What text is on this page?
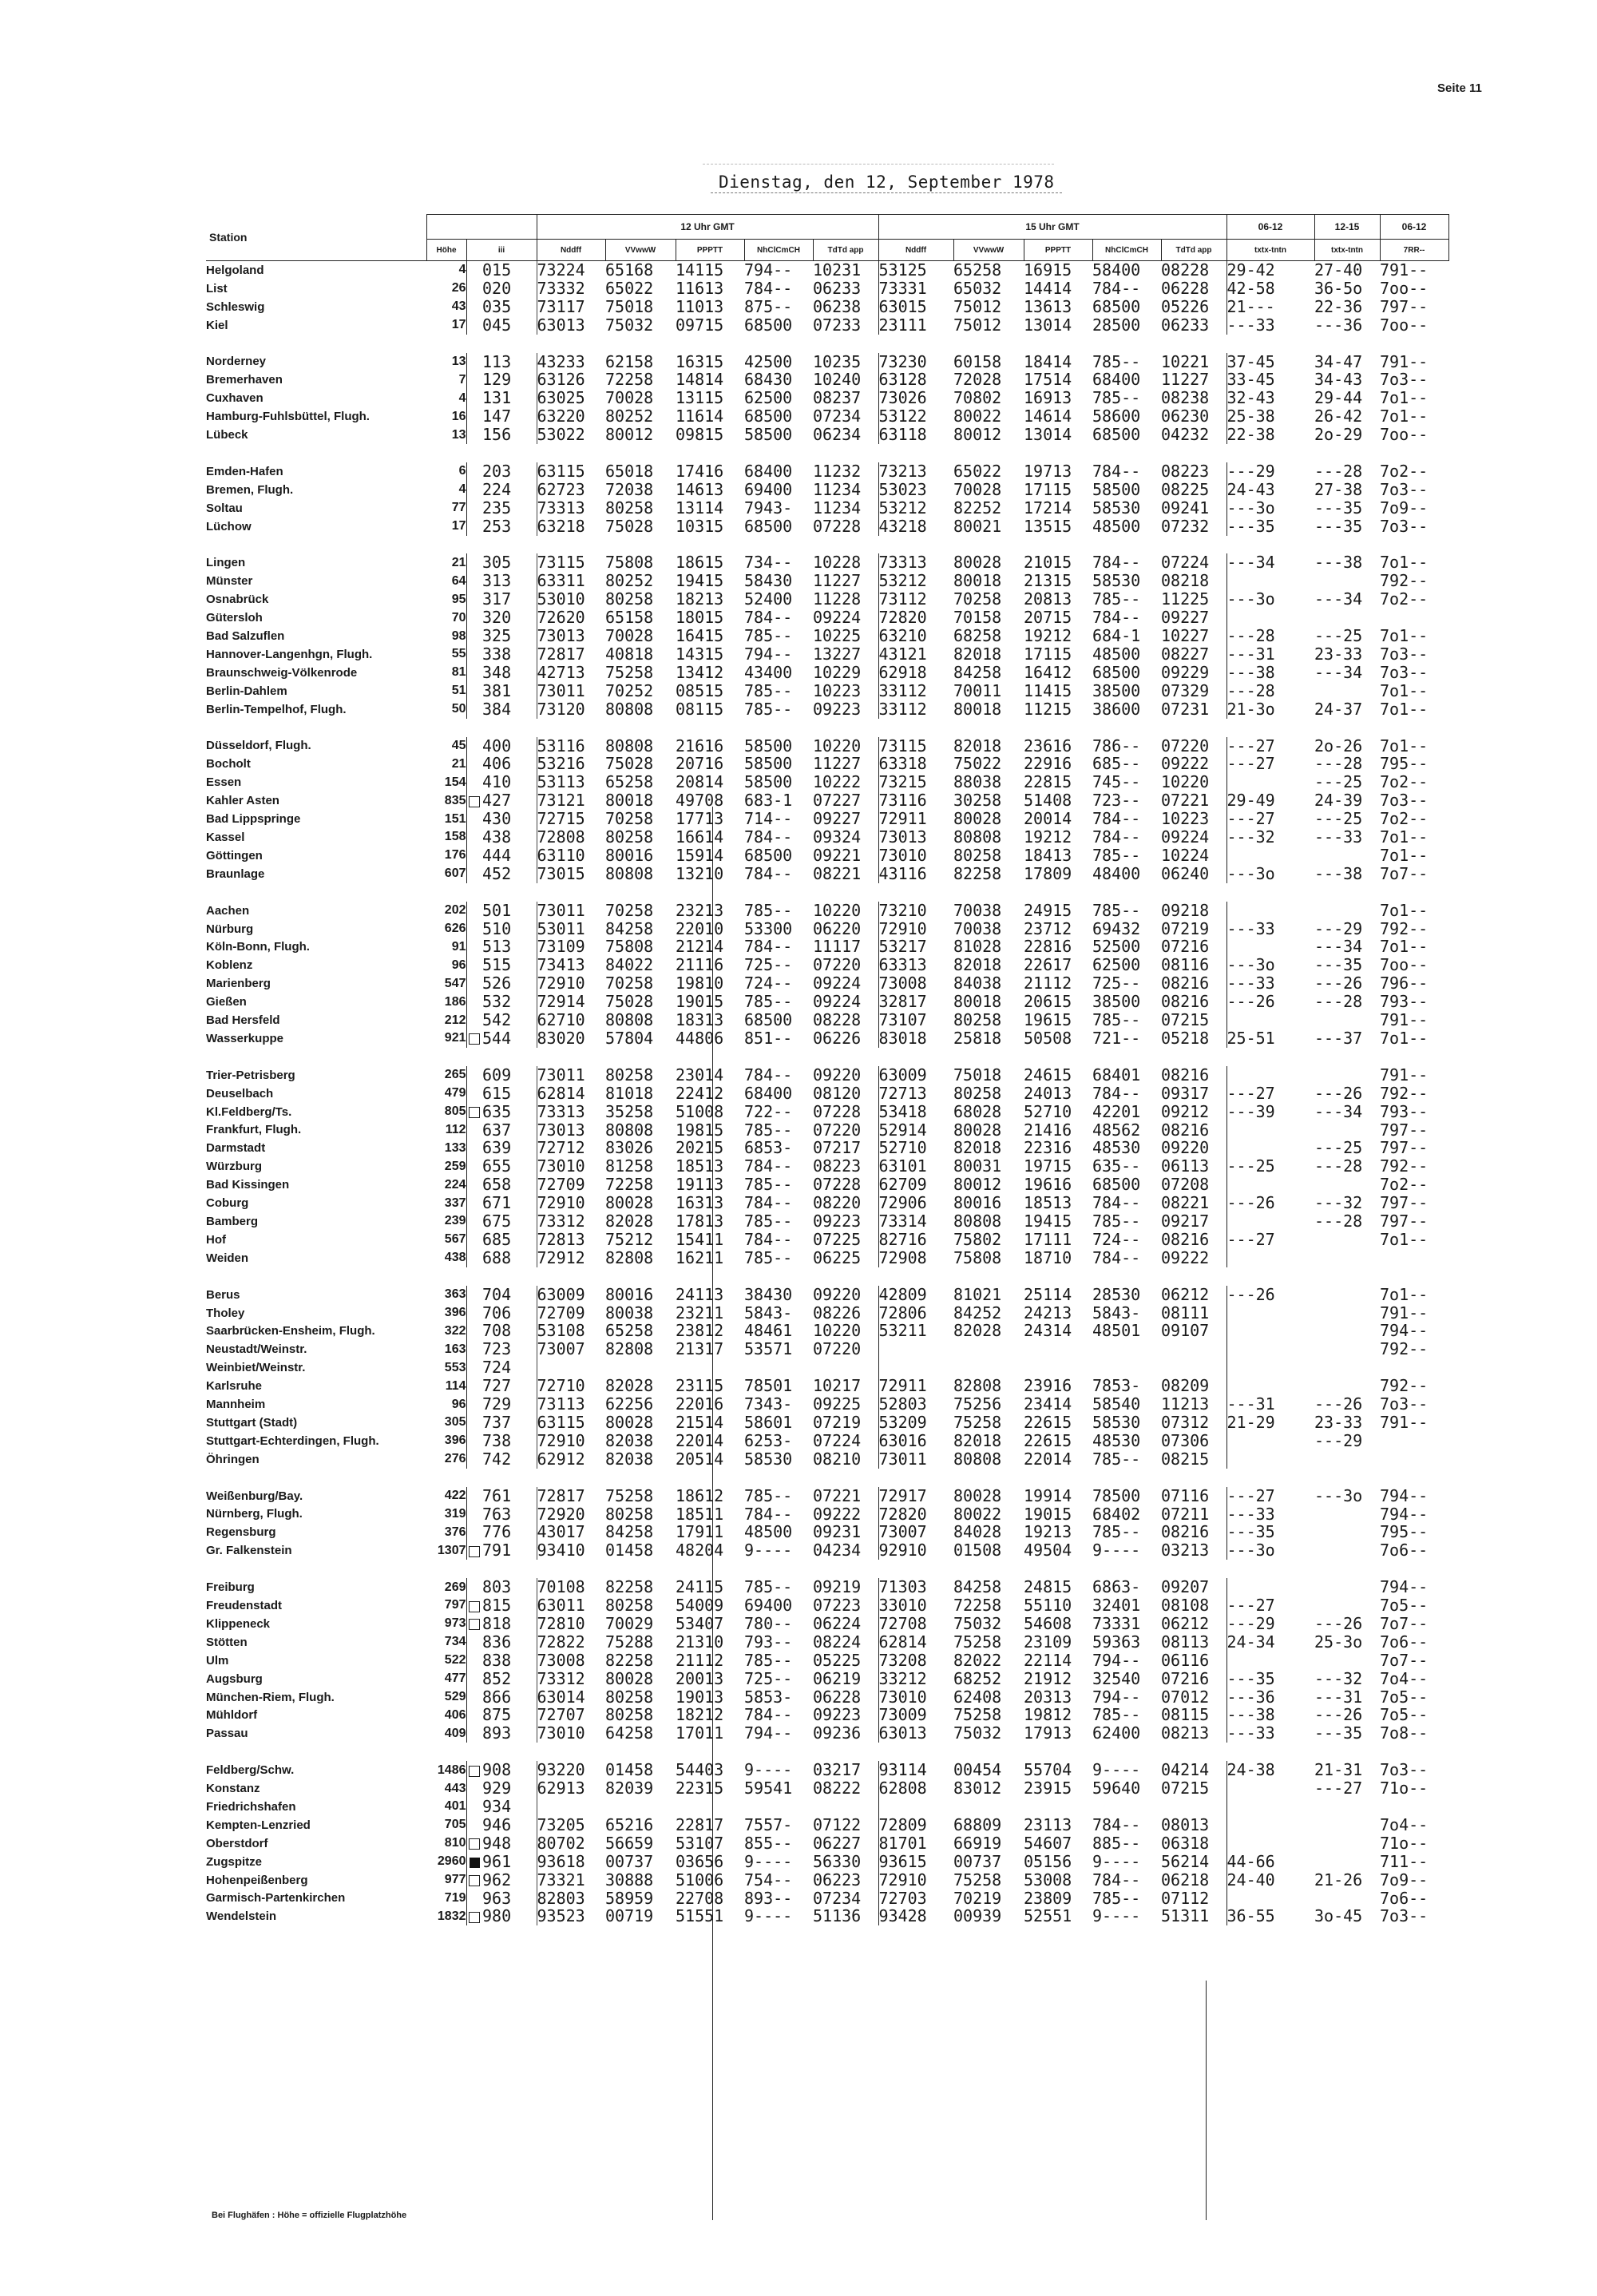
Seite 11
Dienstag, den 12, September 1978
Station				12 Uhr GMT					15 Uhr GMT					06-12	12-15	06-12
	Höhe	iii		Nddff	VVwwW	PPPTT	NhClCmCH	TdTd app	Nddff	VVwwW	PPPTT	NhClCmCH	TdTd app	txtx-tntn	txtx-tntn	7RR--
Helgoland	4		015	73224	65168	14115	794--	10231	53125	65258	16915	58400	08228	29-42	27-40	791--
List	26		020	73332	65022	11613	784--	06233	73331	65032	14414	784--	06228	42-58	36-5o	7oo--
Schleswig	43		035	73117	75018	11013	875--	06238	63015	75012	13613	68500	05226	21---	22-36	797--
Kiel	17		045	63013	75032	09715	68500	07233	23111	75012	13014	28500	06233	---33	---36	7oo--

Norderney	13		113	43233	62158	16315	42500	10235	73230	60158	18414	785--	10221	37-45	34-47	791--
Bremerhaven	7		129	63126	72258	14814	68430	10240	63128	72028	17514	68400	11227	33-45	34-43	7o3--
Cuxhaven	4		131	63025	70028	13115	62500	08237	73026	70802	16913	785--	08238	32-43	29-44	7o1--
Hamburg-Fuhlsbüttel, Flugh.	16		147	63220	80252	11614	68500	07234	53122	80022	14614	58600	06230	25-38	26-42	7o1--
Lübeck	13		156	53022	80012	09815	58500	06234	63118	80012	13014	68500	04232	22-38	2o-29	7oo--

Emden-Hafen	6		203	63115	65018	17416	68400	11232	73213	65022	19713	784--	08223	---29	---28	7o2--
Bremen, Flugh.	4		224	62723	72038	14613	69400	11234	53023	70028	17115	58500	08225	24-43	27-38	7o3--
Soltau	77		235	73313	80258	13114	7943-	11234	53212	82252	17214	58530	09241	---3o	---35	7o9--
Lüchow	17		253	63218	75028	10315	68500	07228	43218	80021	13515	48500	07232	---35	---35	7o3--

Lingen	21		305	73115	75808	18615	734--	10228	73313	80028	21015	784--	07224	---34	---38	7o1--
Münster	64		313	63311	80252	19415	58430	11227	53212	80018	21315	58530	08218			792--
Osnabrück	95		317	53010	80258	18213	52400	11228	73112	70258	20813	785--	11225	---3o	---34	7o2--
Gütersloh	70		320	72620	65158	18015	784--	09224	72820	70158	20715	784--	09227			
Bad Salzuflen	98		325	73013	70028	16415	785--	10225	63210	68258	19212	684-1	10227	---28	---25	7o1--
Hannover-Langenhgn, Flugh.	55		338	72817	40818	14315	794--	13227	43121	82018	17115	48500	08227	---31	23-33	7o3--
Braunschweig-Völkenrode	81		348	42713	75258	13412	43400	10229	62918	84258	16412	68500	09229	---38	---34	7o3--
Berlin-Dahlem	51		381	73011	70252	08515	785--	10223	33112	70011	11415	38500	07329	---28		7o1--
Berlin-Tempelhof, Flugh.	50		384	73120	80808	08115	785--	09223	33112	80018	11215	38600	07231	21-3o	24-37	7o1--

Düsseldorf, Flugh.	45		400	53116	80808	21616	58500	10220	73115	82018	23616	786--	07220	---27	2o-26	7o1--
Bocholt	21		406	53216	75028	20716	58500	11227	63318	75022	22916	685--	09222	---27	---28	795--
Essen	154		410	53113	65258	20814	58500	10222	73215	88038	22815	745--	10220		---25	7o2--
Kahler Asten	835		427	73121	80018	49708	683-1	07227	73116	30258	51408	723--	07221	29-49	24-39	7o3--
Bad Lippspringe	151		430	72715	70258	17713	714--	09227	72911	80028	20014	784--	10223	---27	---25	7o2--
Kassel	158		438	72808	80258	16614	784--	09324	73013	80808	19212	784--	09224	---32	---33	7o1--
Göttingen	176		444	63110	80016	15914	68500	09221	73010	80258	18413	785--	10224			7o1--
Braunlage	607		452	73015	80808	13210	784--	08221	43116	82258	17809	48400	06240	---3o	---38	7o7--

Aachen	202		501	73011	70258	23213	785--	10220	73210	70038	24915	785--	09218			7o1--
Nürburg	626		510	53011	84258	22010	53300	06220	72910	70038	23712	69432	07219	---33	---29	792--
Köln-Bonn, Flugh.	91		513	73109	75808	21214	784--	11117	53217	81028	22816	52500	07216		---34	7o1--
Koblenz	96		515	73413	84022	21116	725--	07220	63313	82018	22617	62500	08116	---3o	---35	7oo--
Marienberg	547		526	72910	70258	19810	724--	09224	73008	84038	21112	725--	08216	---33	---26	796--
Gießen	186		532	72914	75028	19015	785--	09224	32817	80018	20615	38500	08216	---26	---28	793--
Bad Hersfeld	212		542	62710	80808	18313	68500	08228	73107	80258	19615	785--	07215			791--
Wasserkuppe	921		544	83020	57804	44806	851--	06226	83018	25818	50508	721--	05218	25-51	---37	7o1--

Trier-Petrisberg	265		609	73011	80258	23014	784--	09220	63009	75018	24615	68401	08216			791--
Deuselbach	479		615	62814	81018	22412	68400	08120	72713	80258	24013	784--	09317	---27	---26	792--
Kl.Feldberg/Ts.	805		635	73313	35258	51008	722--	07228	53418	68028	52710	42201	09212	---39	---34	793--
Frankfurt, Flugh.	112		637	73013	80808	19815	785--	07220	52914	80028	21416	48562	08216			797--
Darmstadt	133		639	72712	83026	20215	6853-	07217	52710	82018	22316	48530	09220		---25	797--
Würzburg	259		655	73010	81258	18513	784--	08223	63101	80031	19715	635--	06113	---25	---28	792--
Bad Kissingen	224		658	72709	72258	19113	785--	07228	62709	80012	19616	68500	07208			7o2--
Coburg	337		671	72910	80028	16313	784--	08220	72906	80016	18513	784--	08221	---26	---32	797--
Bamberg	239		675	73312	82028	17813	785--	09223	73314	80808	19415	785--	09217		---28	797--
Hof	567		685	72813	75212	15411	784--	07225	82716	75802	17111	724--	08216	---27		7o1--
Weiden	438		688	72912	82808	16211	785--	06225	72908	75808	18710	784--	09222			

Berus	363		704	63009	80016	24113	38430	09220	42809	81021	25114	28530	06212	---26		7o1--
Tholey	396		706	72709	80038	23211	5843-	08226	72806	84252	24213	5843-	08111			791--
Saarbrücken-Ensheim, Flugh.	322		708	53108	65258	23812	48461	10220	53211	82028	24314	48501	09107			794--
Neustadt/Weinstr.	163		723	73007	82808	21317	53571	07220								792--
Weinbiet/Weinstr.	553		724													
Karlsruhe	114		727	72710	82028	23115	78501	10217	72911	82808	23916	7853-	08209			792--
Mannheim	96		729	73113	62256	22016	7343-	09225	52803	75256	23414	58540	11213	---31	---26	7o3--
Stuttgart (Stadt)	305		737	63115	80028	21514	58601	07219	53209	75258	22615	58530	07312	21-29	23-33	791--
Stuttgart-Echterdingen, Flugh.	396		738	72910	82038	22014	6253-	07224	63016	82018	22615	48530	07306		---29	
Öhringen	276		742	62912	82038	20514	58530	08210	73011	80808	22014	785--	08215			

Weißenburg/Bay.	422		761	72817	75258	18612	785--	07221	72917	80028	19914	78500	07116	---27	---3o	794--
Nürnberg, Flugh.	319		763	72920	80258	18511	784--	09222	72820	80022	19015	68402	07211	---33		794--
Regensburg	376		776	43017	84258	17911	48500	09231	73007	84028	19213	785--	08216	---35		795--
Gr. Falkenstein	1307		791	93410	01458	48204	9----	04234	92910	01508	49504	9----	03213	---3o		7o6--

Freiburg	269		803	70108	82258	24115	785--	09219	71303	84258	24815	6863-	09207			794--
Freudenstadt	797		815	63011	80258	54009	69400	07223	33010	72258	55110	32401	08108	---27		7o5--
Klippeneck	973		818	72810	70029	53407	780--	06224	72708	75032	54608	73331	06212	---29	---26	7o7--
Stötten	734		836	72822	75288	21310	793--	08224	62814	75258	23109	59363	08113	24-34	25-3o	7o6--
Ulm	522		838	73008	82258	21112	785--	05225	73208	82022	22114	794--	06116			7o7--
Augsburg	477		852	73312	80028	20013	725--	06219	33212	68252	21912	32540	07216	---35	---32	7o4--
München-Riem, Flugh.	529		866	63014	80258	19013	5853-	06228	73010	62408	20313	794--	07012	---36	---31	7o5--
Mühldorf	406		875	72707	80258	18212	784--	09223	73009	75258	19812	785--	08115	---38	---26	7o5--
Passau	409		893	73010	64258	17011	794--	09236	63013	75032	17913	62400	08213	---33	---35	7o8--

Feldberg/Schw.	1486		908	93220	01458	54403	9----	03217	93114	00454	55704	9----	04214	24-38	21-31	7o3--
Konstanz	443		929	62913	82039	22315	59541	08222	62808	83012	23915	59640	07215		---27	71o--
Friedrichshafen	401		934													
Kempten-Lenzried	705		946	73205	65216	22817	7557-	07122	72809	68809	23113	784--	08013			7o4--
Oberstdorf	810		948	80702	56659	53107	855--	06227	81701	66919	54607	885--	06318			71o--
Zugspitze	2960		961	93618	00737	03656	9----	56330	93615	00737	05156	9----	56214	44-66		711--
Hohenpeißenberg	977		962	73321	30888	51006	754--	06223	72910	75258	53008	784--	06218	24-40	21-26	7o9--
Garmisch-Partenkirchen	719		963	82803	58959	22708	893--	07234	72703	70219	23809	785--	07112			7o6--
Wendelstein	1832		980	93523	00719	51551	9----	51136	93428	00939	52551	9----	51311	36-55	3o-45	7o3--
Bei Flughäfen : Höhe = offizielle Flugplatzhöhe
